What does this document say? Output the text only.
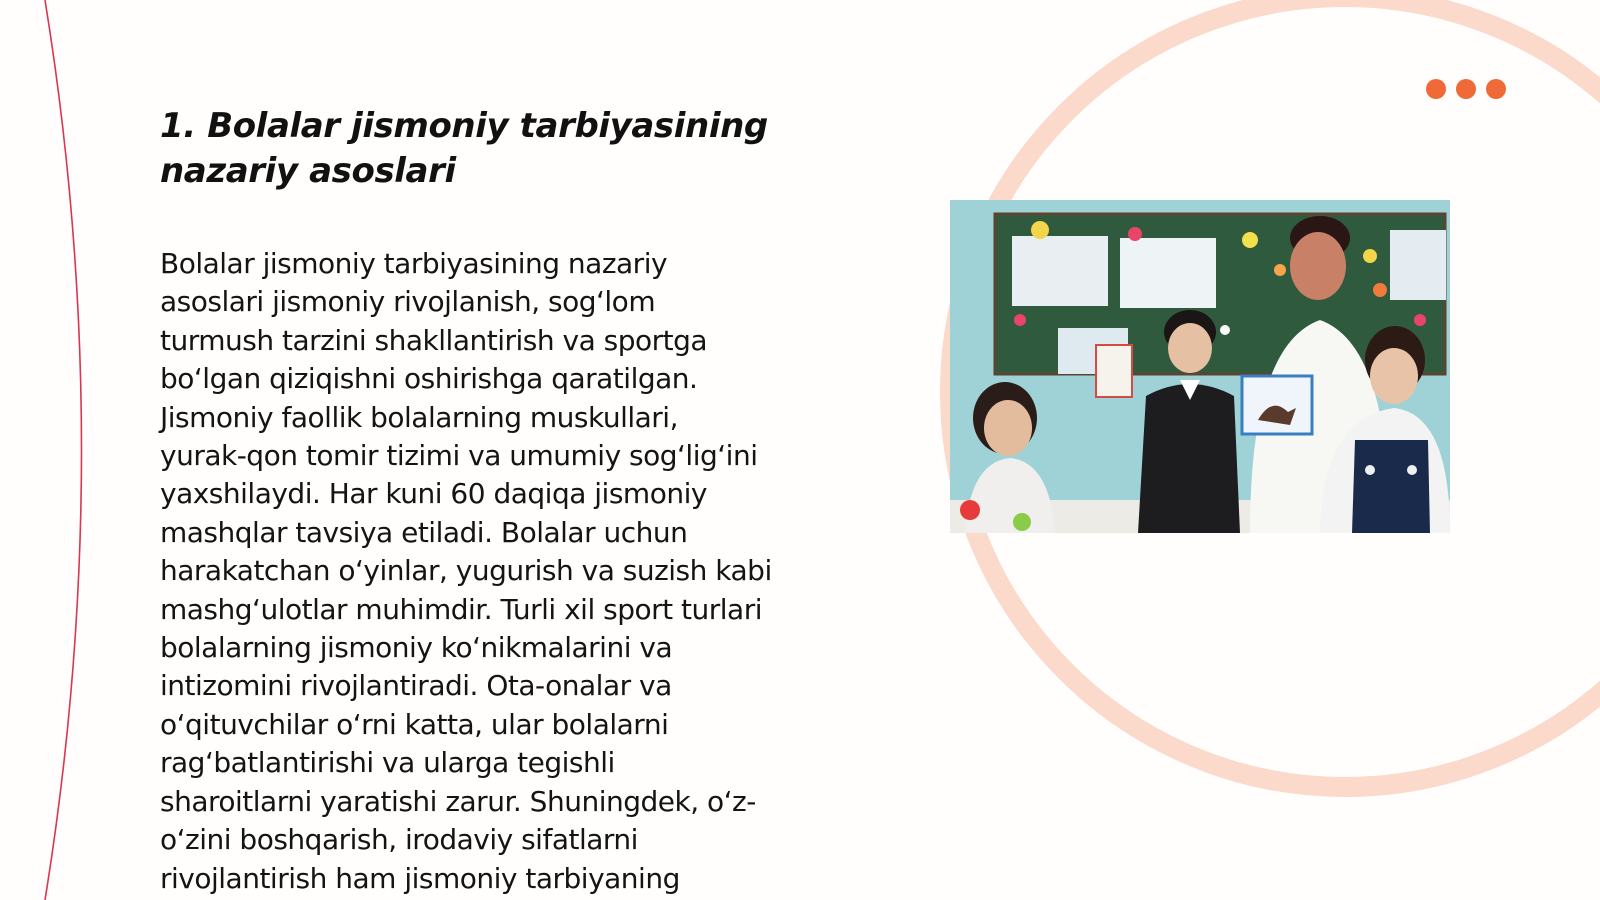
1. Bolalar jismoniy tarbiyasining
nazariy asoslari

Bolalar jismoniy tarbiyasining nazariy
asoslari jismoniy rivojlanish, sog‘lom
turmush tarzini shakllantirish va sportga
bo‘lgan qiziqishni oshirishga qaratilgan.
Jismoniy faollik bolalarning muskullari,
yurak-qon tomir tizimi va umumiy sog‘lig‘ini
yaxshilaydi. Har kuni 60 daqiqa jismoniy
mashqlar tavsiya etiladi. Bolalar uchun
harakatchan o‘yinlar, yugurish va suzish kabi
mashg‘ulotlar muhimdir. Turli xil sport turlari
bolalarning jismoniy ko‘nikmalarini va
intizomini rivojlantiradi. Ota-onalar va
o‘qituvchilar o‘rni katta, ular bolalarni
rag‘batlantirishi va ularga tegishli
sharoitlarni yaratishi zarur. Shuningdek, o‘z-
o‘zini boshqarish, irodaviy sifatlarni
rivojlantirish ham jismoniy tarbiyaning
